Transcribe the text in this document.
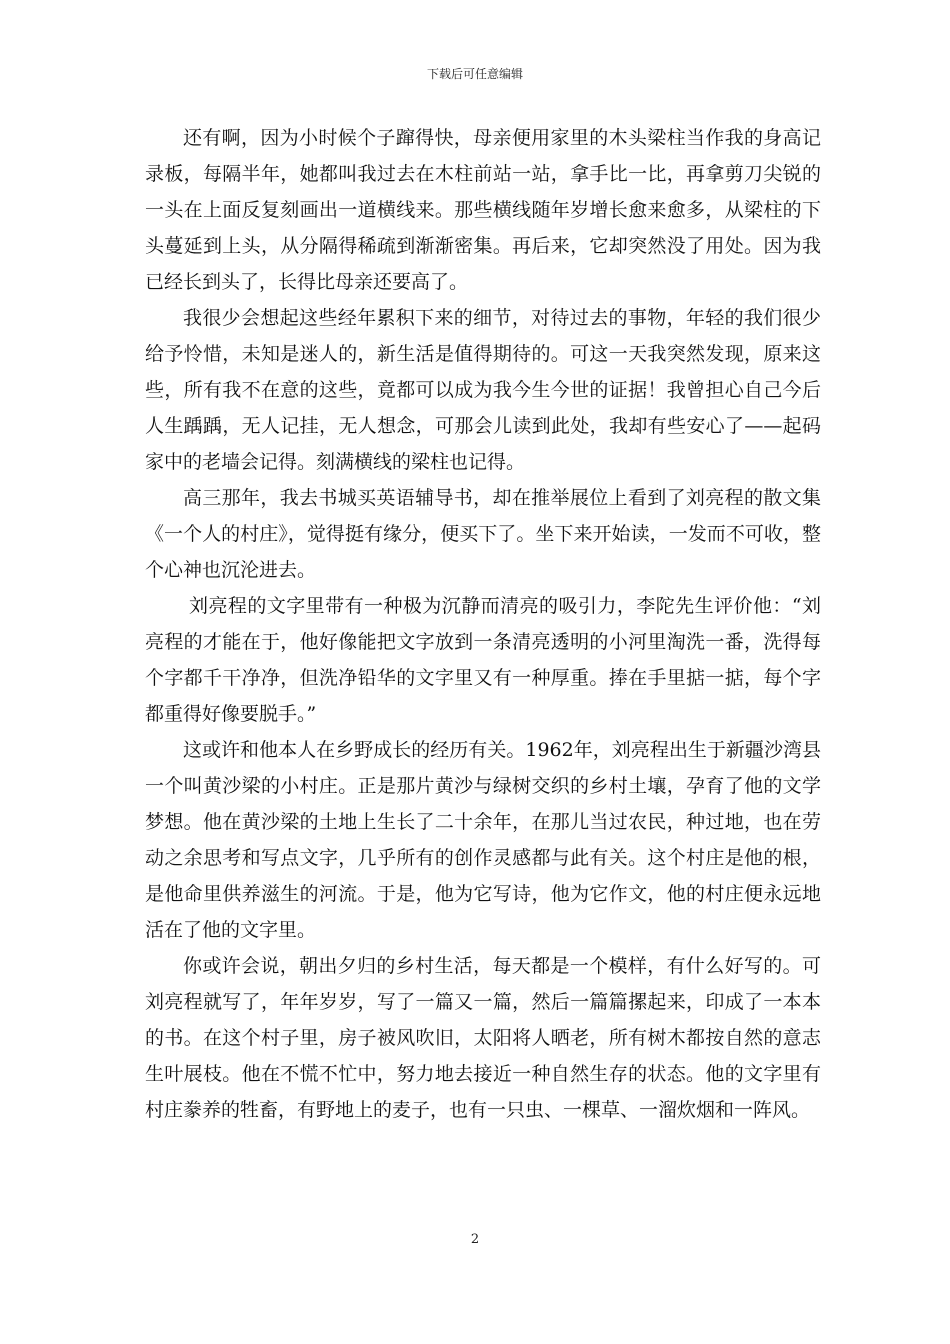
下载后可任意编辑

还有啊，因为小时候个子蹿得快，母亲便用家里的木头梁柱当作我的身高记录板，每隔半年，她都叫我过去在木柱前站一站，拿手比一比，再拿剪刀尖锐的一头在上面反复刻画出一道横线来。那些横线随年岁增长愈来愈多，从梁柱的下头蔓延到上头，从分隔得稀疏到渐渐密集。再后来，它却突然没了用处。因为我已经长到头了，长得比母亲还要高了。

我很少会想起这些经年累积下来的细节，对待过去的事物，年轻的我们很少给予怜惜，未知是迷人的，新生活是值得期待的。可这一天我突然发现，原来这些，所有我不在意的这些，竟都可以成为我今生今世的证据！我曾担心自己今后人生踽踽，无人记挂，无人想念，可那会儿读到此处，我却有些安心了——起码家中的老墙会记得。刻满横线的梁柱也记得。

高三那年，我去书城买英语辅导书，却在推举展位上看到了刘亮程的散文集《一个人的村庄》，觉得挺有缘分，便买下了。坐下来开始读，一发而不可收，整个心神也沉沦进去。

刘亮程的文字里带有一种极为沉静而清亮的吸引力，李陀先生评价他：“刘亮程的才能在于，他好像能把文字放到一条清亮透明的小河里淘洗一番，洗得每个字都千干净净，但洗净铅华的文字里又有一种厚重。捧在手里掂一掂，每个字都重得好像要脱手。”

这或许和他本人在乡野成长的经历有关。1962年，刘亮程出生于新疆沙湾县一个叫黄沙梁的小村庄。正是那片黄沙与绿树交织的乡村土壤，孕育了他的文学梦想。他在黄沙梁的土地上生长了二十余年，在那儿当过农民，种过地，也在劳动之余思考和写点文字，几乎所有的创作灵感都与此有关。这个村庄是他的根，是他命里供养滋生的河流。于是，他为它写诗，他为它作文，他的村庄便永远地活在了他的文字里。

你或许会说，朝出夕归的乡村生活，每天都是一个模样，有什么好写的。可刘亮程就写了，年年岁岁，写了一篇又一篇，然后一篇篇摞起来，印成了一本本的书。在这个村子里，房子被风吹旧，太阳将人晒老，所有树木都按自然的意志生叶展枝。他在不慌不忙中，努力地去接近一种自然生存的状态。他的文字里有村庄豢养的牲畜，有野地上的麦子，也有一只虫、一棵草、一溜炊烟和一阵风。

2
